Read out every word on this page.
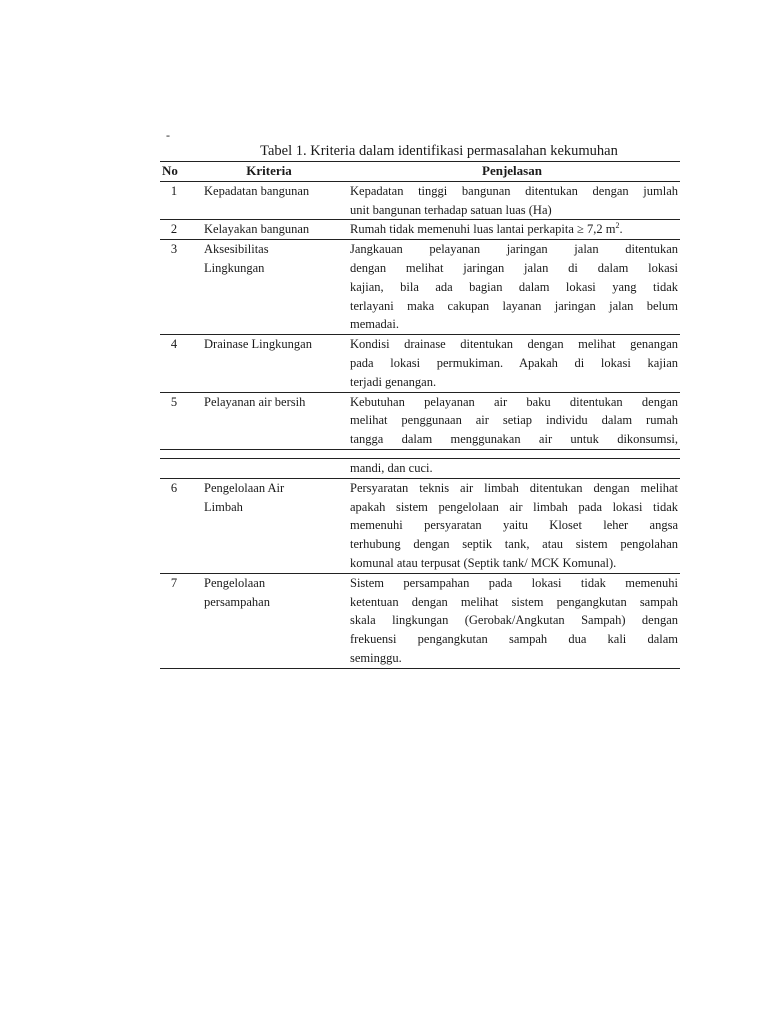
-
Tabel 1. Kriteria dalam identifikasi permasalahan kekumuhan
No	Kriteria	Penjelasan
1	Kepadatan bangunan	Kepadatan tinggi bangunan ditentukan dengan jumlah
unit bangunan terhadap satuan luas (Ha)

2	Kelayakan bangunan	Rumah tidak memenuhi luas lantai perkapita ≥ 7,2 $m^2$.

3	Aksesibilitas
Lingkungan	Jangkauan pelayanan jaringan jalan ditentukan
dengan melihat jaringan jalan di dalam lokasi
kajian, bila ada bagian dalam lokasi yang tidak
terlayani maka cakupan layanan jaringan jalan belum
memadai.

4	Drainase Lingkungan	Kondisi drainase ditentukan dengan melihat genangan
pada lokasi permukiman. Apakah di lokasi kajian
terjadi genangan.

5	Pelayanan air bersih	Kebutuhan pelayanan air baku ditentukan dengan
melihat penggunaan air setiap individu dalam rumah
tangga dalam menggunakan air untuk dikonsumsi,

		mandi, dan cuci.

6	Pengelolaan Air
Limbah	Persyaratan teknis air limbah ditentukan dengan melihat
apakah sistem pengelolaan air limbah pada lokasi tidak
memenuhi persyaratan yaitu Kloset leher angsa
terhubung dengan septik tank, atau sistem pengolahan
komunal atau terpusat (Septik tank/ MCK Komunal).

7	Pengelolaan
persampahan	Sistem persampahan pada lokasi tidak memenuhi
ketentuan dengan melihat sistem pengangkutan sampah
skala lingkungan (Gerobak/Angkutan Sampah) dengan
frekuensi pengangkutan sampah dua kali dalam
seminggu.
